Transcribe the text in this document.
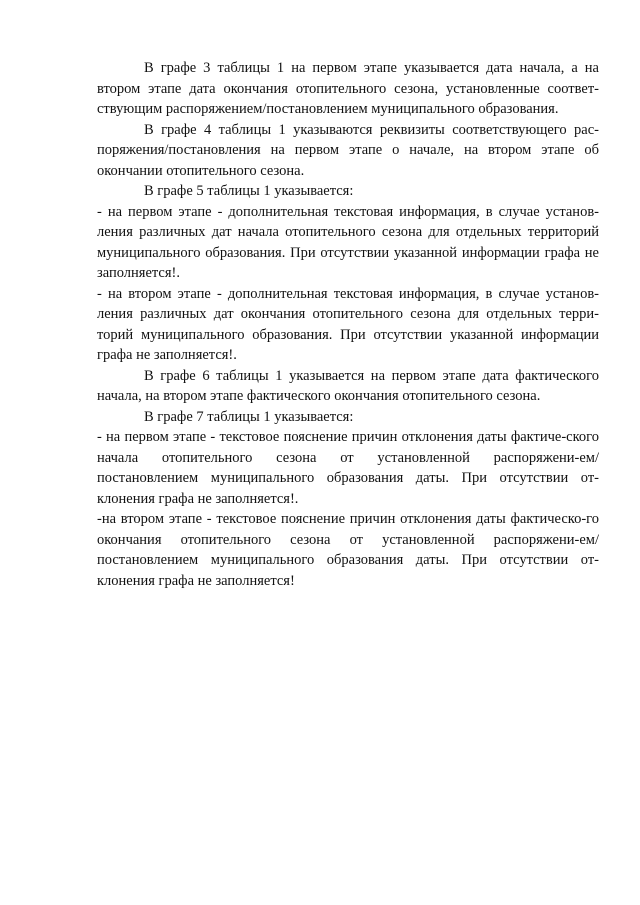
В графе 3 таблицы 1 на первом этапе указывается дата начала, а на втором этапе дата окончания отопительного сезона, установленные соответ-ствующим распоряжением/постановлением муниципального образования.

В графе 4 таблицы 1 указываются реквизиты соответствующего рас-поряжения/постановления на первом этапе о начале, на втором этапе об окончании отопительного сезона.

В графе 5 таблицы 1 указывается:

- на первом этапе - дополнительная текстовая информация, в случае установ-ления различных дат начала отопительного сезона для отдельных территорий муниципального образования. При отсутствии указанной информации графа не заполняется!.

- на втором этапе - дополнительная текстовая информация, в случае установ-ления различных дат окончания отопительного сезона для отдельных терри-торий муниципального образования. При отсутствии указанной информации графа не заполняется!.

В графе 6 таблицы 1 указывается на первом этапе дата фактического начала, на втором этапе фактического окончания отопительного сезона.

В графе 7 таблицы 1 указывается:

- на первом этапе - текстовое пояснение причин отклонения даты фактиче-ского начала отопительного сезона от установленной распоряжени-ем/постановлением муниципального образования даты. При отсутствии от-клонения графа не заполняется!.

-на втором этапе - текстовое пояснение причин отклонения даты фактическо-го окончания отопительного сезона от установленной распоряжени-ем/постановлением муниципального образования даты. При отсутствии от-клонения графа не заполняется!
